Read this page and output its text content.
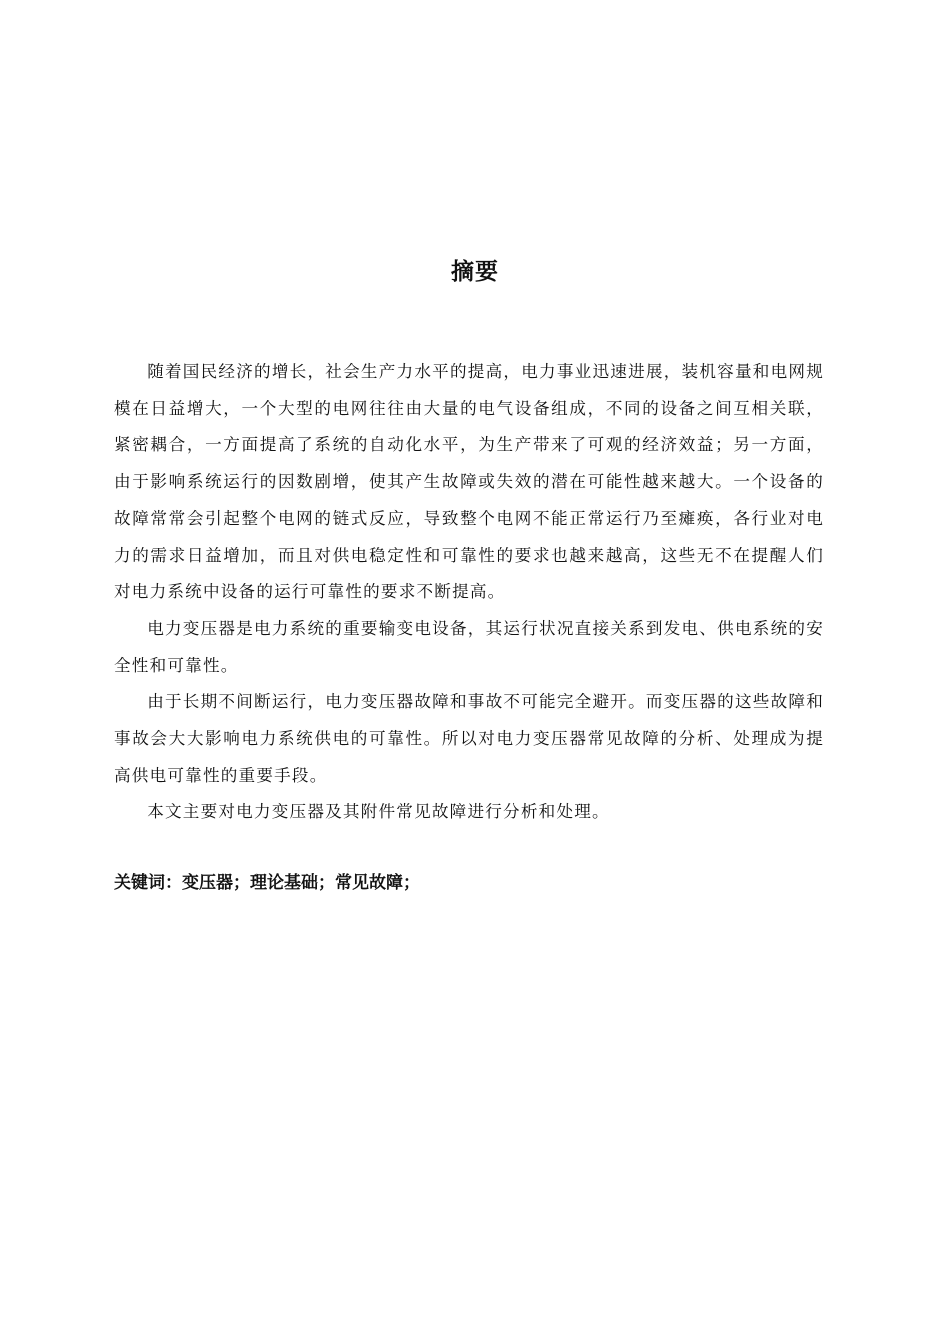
摘要

随着国民经济的增长，社会生产力水平的提高，电力事业迅速进展，装机容量和电网规模在日益增大，一个大型的电网往往由大量的电气设备组成，不同的设备之间互相关联，紧密耦合，一方面提高了系统的自动化水平，为生产带来了可观的经济效益；另一方面，由于影响系统运行的因数剧增，使其产生故障或失效的潜在可能性越来越大。一个设备的故障常常会引起整个电网的链式反应，导致整个电网不能正常运行乃至瘫痪，各行业对电力的需求日益增加，而且对供电稳定性和可靠性的要求也越来越高，这些无不在提醒人们对电力系统中设备的运行可靠性的要求不断提高。

电力变压器是电力系统的重要输变电设备，其运行状况直接关系到发电、供电系统的安全性和可靠性。

由于长期不间断运行，电力变压器故障和事故不可能完全避开。而变压器的这些故障和事故会大大影响电力系统供电的可靠性。所以对电力变压器常见故障的分析、处理成为提高供电可靠性的重要手段。

本文主要对电力变压器及其附件常见故障进行分析和处理。

关键词：变压器；理论基础；常见故障；
